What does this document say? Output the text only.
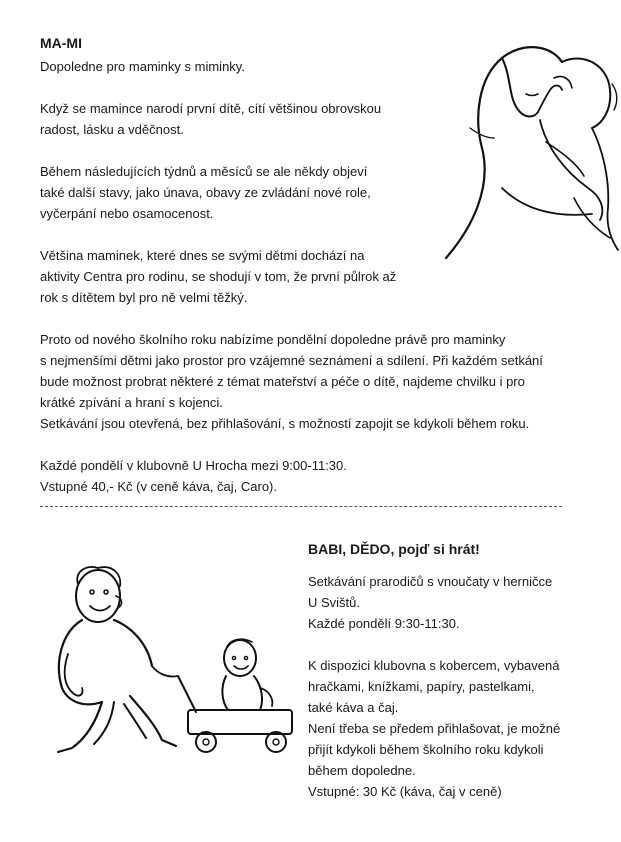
MA-MI
Dopoledne pro maminky s miminky.
Když se mamince narodí první dítě, cítí většinou obrovskou
radost, lásku a vděčnost.
Během následujících týdnů a měsíců se ale někdy objeví
také další stavy, jako únava, obavy ze zvládání nové role,
vyčerpání nebo osamocenost.
Většina maminek, které dnes se svými dětmi dochází na
aktivity Centra pro rodinu, se shodují v tom, že první půlrok až
rok s dítětem byl pro ně velmi těžký.
Proto od nového školního roku nabízíme pondělní dopoledne právě pro maminky
s nejmenšími dětmi jako prostor pro vzájemné seznámení a sdílení. Při každém setkání
bude možnost probrat některé z témat mateřství a péče o dítě, najdeme chvilku i pro
krátké zpívání a hraní s kojenci.
Setkávání jsou otevřená, bez přihlašování, s možností zapojit se kdykoli během roku.
Každé pondělí v klubovně U Hrocha mezi 9:00-11:30.
Vstupné 40,- Kč (v ceně káva, čaj, Caro).
BABI, DĚDO, pojď si hrát!
Setkávání prarodičů s vnoučaty v herničce
U Svištů.
Každé pondělí 9:30-11:30.
K dispozici klubovna s kobercem, vybavená
hračkami, knížkami, papíry, pastelkami,
také káva a čaj.
Není třeba se předem přihlašovat, je možné
přijít kdykoli během školního roku kdykoli
během dopoledne.
Vstupné: 30 Kč (káva, čaj v ceně)
